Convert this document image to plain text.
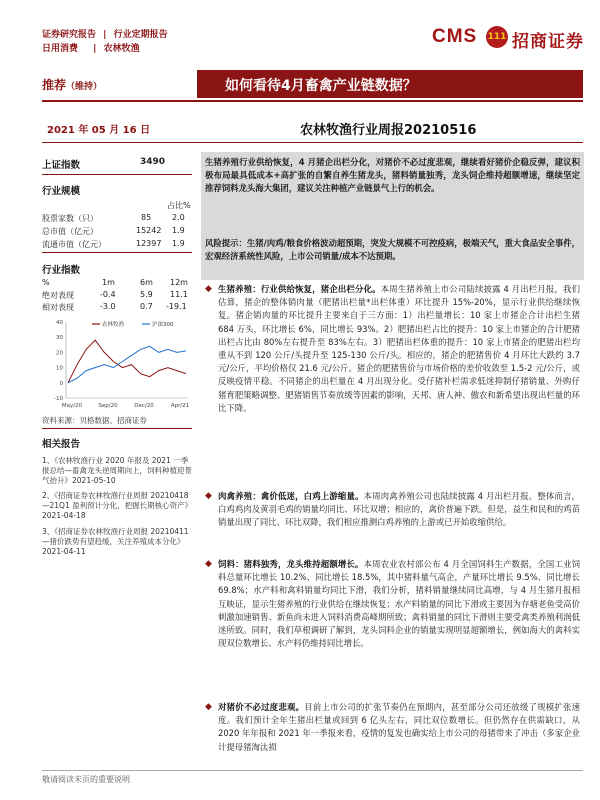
证券研究报告 | 行业定期报告
日用消费 | 农林牧渔
CMS 111 招商证券
推荐（维持）	如何看待4月畜禽产业链数据？
2021 年 05 月 16 日	农林牧渔行业周报20210516
上证指数	3490
行业规模
占比%
股票家数（只）	85	2.0
总市值（亿元）	15242 1.9
流通市值（亿元）	12397 1.9
行业指数
%	1m	6m 12m
绝对表现	-0.4	5.9 11.1
相对表现	-3.0	0.7 -19.1
40
30
20
10
0
-10
农林牧渔	沪深300
May/20	Sep/20	Dec/20	Apr/21
资料来源：贝格数据、招商证券
相关报告
1、《农林牧渔行业 2020 年报及 2021 一季报总结—畜禽龙头逆周期向上，饲料种植迎景气抬升》2021-05-10
2、《招商证券农林牧渔行业周报 20210418—21Q1 盈利预计分化，把握长期核心资产》2021-04-18
3、《招商证券农林牧渔行业周报 20210411—猪价跌势有望趋缓，关注养殖成本分化》2021-04-11
生猪养殖行业供给恢复，4 月猪企出栏分化，对猪价不必过度悲观，继续看好猪价企稳反弹，建议积极布局最具低成本+高扩张的自繁自养生猪龙头，猪料销量独秀，龙头饲企维持超额增速，继续坚定推荐饲料龙头海大集团，建议关注种植产业链景气上行的机会。
风险提示：生猪/肉鸡/粮食价格波动超预期，突发大规模不可控疫病，极端天气，重大食品安全事件，宏观经济系统性风险，上市公司销量/成本不达预期。
◆ 生猪养殖：行业供给恢复，猪企出栏分化。本周生猪养殖上市公司陆续披露 4 月出栏月报，我们估算，猪企的整体销肉量（肥猪出栏量*出栏体重）环比提升 15%-20%，显示行业供给继续恢复。猪企销肉量的环比提升主要来自于三方面：1）出栏量增长：10 家上市猪企合计出栏生猪 684 万头，环比增长 6%，同比增长 93%。2）肥猪出栏占比的提升：10 家上市猪企的合计肥猪出栏占比由 80%左右提升至 83%左右。3）肥猪出栏体重的提升：10 家上市猪企的肥猪出栏均重从不到 120 公斤/头提升至 125-130 公斤/头。相应的，猪企的肥猪售价 4 月环比大跌约 3.7 元/公斤，平均价格仅 21.6 元/公斤。猪企的肥猪售价与市场价格的差价收敛至 1.5-2 元/公斤，或反映疫情平稳。不同猪企的出栏量在 4 月出现分化。受仔猪补栏需求低迷抑制仔猪销量、外购仔猪育肥策略调整、肥猪销售节奏放缓等因素的影响，天邦、唐人神、傲农和新希望出现出栏量的环比下降。
◆ 肉禽养殖：禽价低迷，白鸡上游缩量。本周肉禽养殖公司也陆续披露 4 月出栏月报。整体而言，白鸡鸡肉及黄羽毛鸡的销量均同比、环比双增；相应的，禽价普遍下跌。但是，益生和民和的鸡苗销量出现了同比、环比双降，我们相应推测白鸡养殖的上游或已开始收缩供给。
◆ 饲料：猪料独秀，龙头维持超额增长。本周农业农村部公布 4 月全国饲料生产数据，全国工业饲料总量环比增长 10.2%、同比增长 18.5%，其中猪料量气高企，产量环比增长 9.5%、同比增长 69.8%；水产料和禽料销量均同比下滑，我们分析，猪料销量继续同比高增，与 4 月生猪月报相互映证，显示生猪养殖的行业供给在继续恢复；水产料销量的同比下滑或主要因为存塘老鱼受高价刺激加速销售、新鱼尚未进入饲料消费高峰期所致；禽料销量的同比下滑则主要受禽类养殖利润低迷所致。同时，我们草根调研了解到，龙头饲料企业的销量实现明显超额增长，例如海大的禽料实现双位数增长、水产料仍维持同比增长。
◆ 对猪价不必过度悲观。目前上市公司的扩张节奏仍在预期内，甚至部分公司还放缓了规模扩张速度。我们预计全年生猪出栏量或回到 6 亿头左右，同比双位数增长。但仍然存在供需缺口，从 2020 年年报和 2021 年一季报来看，疫情的复发也确实给上市公司的母猪带来了冲击（多家企业计提母猪淘汰损
敬请阅读末页的重要说明
